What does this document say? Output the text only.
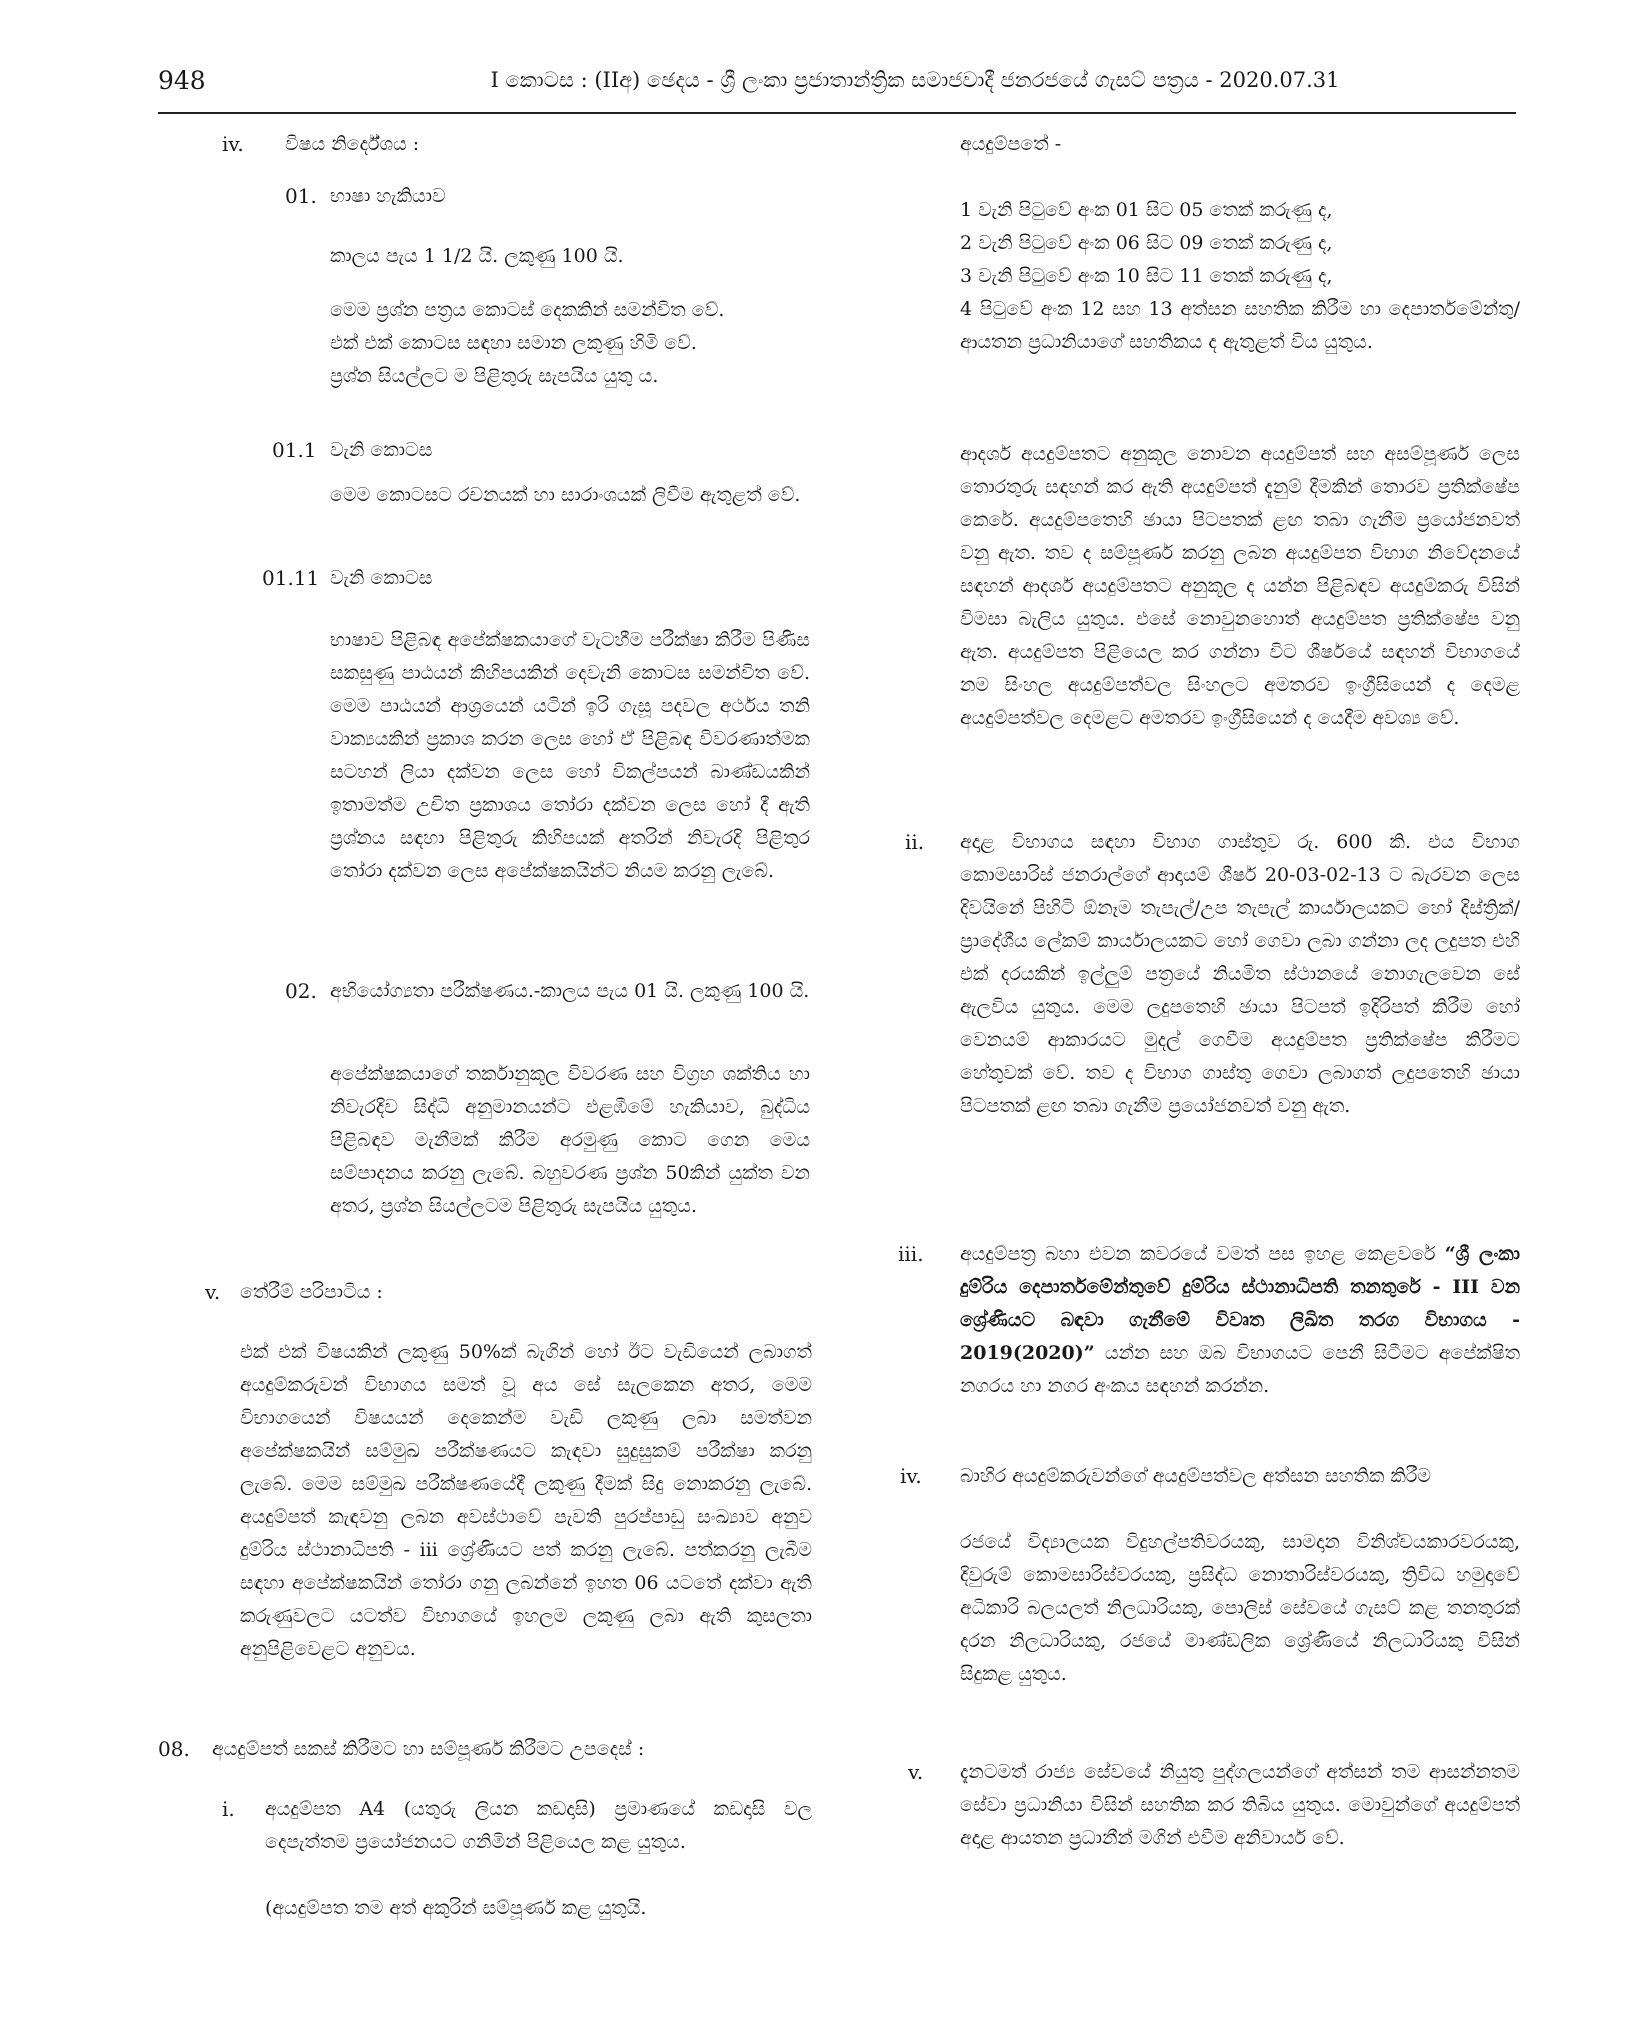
948	I කොටස : (IIඅ) ඡෙදය - ශ්‍රී ලංකා ප්‍රජාතාන්ත්‍රික සමාජවාදී ජනරජයේ ගැසට් පත්‍රය - 2020.07.31
iv. විෂය නිර්දේශය :
01. භාෂා හැකියාව
කාලය පැය 1 1/2 යි. ලකුණු 100 යි.

මෙම ප්‍රශ්න පත්‍රය කොටස් දෙකකින් සමන්විත වේ.

එක් එක් කොටස සඳහා සමාන ලකුණු හිමි වේ.

ප්‍රශ්න සියල්ලට ම පිළිතුරු සැපයිය යුතු ය.

01.1 වැනි කොටස
මෙම කොටසට රචනයක් හා සාරාංශයක් ලිවීම ඇතුළත් වේ.
01.11 වැනි කොටස
භාෂාව පිළිබඳ අපේක්ෂකයාගේ වැටහීම පරීක්ෂා කිරීම පිණිස සකසුණු පාඨයන් කිහිපයකින් දෙවැනි කොටස සමන්විත වේ. මෙම පාඨයන් ආශ්‍රයෙන් යටින් ඉරි ගැසූ පදවල අර්ථය තනි වාක්‍යයකින් ප්‍රකාශ කරන ලෙස හෝ ඒ පිළිබඳ විවරණාත්මක සටහන් ලියා දක්වන ලෙස හෝ විකල්පයන් බාණ්ඩයකින් ඉතාමත්ම උචිත ප්‍රකාශය තෝරා දක්වන ලෙස හෝ දී ඇති ප්‍රශ්නය සඳහා පිළිතුරු කිහිපයක් අතරින් නිවැරදි පිළිතුර තෝරා දක්වන ලෙස අපේක්ෂකයින්ට නියම කරනු ලැබේ.
02. අභියෝග්‍යතා පරීක්ෂණය.-කාලය පැය 01 යි. ලකුණු 100 යි.
අපේක්ෂකයාගේ තර්කානුකූල විවරණ සහ විග්‍රහ ශක්තිය හා නිවැරදිව සිද්ධි අනුමානයන්ට එළඹීමේ හැකියාව, බුද්ධිය පිළිබඳව මැනීමක් කිරීම අරමුණු කොට ගෙන මෙය සම්පාදනය කරනු ලැබේ. බහුවරණ ප්‍රශ්න 50කින් යුක්ත වන අතර, ප්‍රශ්න සියල්ලටම පිළිතුරු සැපයිය යුතුය.
v. තේරීම් පරිපාටිය :
එක් එක් විෂයකින් ලකුණු 50%ක් බැගින් හෝ ඊට වැඩියෙන් ලබාගත් අයදුම්කරුවන් විභාගය සමත් වූ අය සේ සැලකෙන අතර, මෙම විභාගයෙන් විෂයයන් දෙකෙන්ම වැඩි ලකුණු ලබා සමත්වන අපේක්ෂකයින් සම්මුඛ පරීක්ෂණයට කැඳවා සුදුසුකම් පරීක්ෂා කරනු ලැබේ. මෙම සම්මුඛ පරීක්ෂණයේදී ලකුණු දීමක් සිදු නොකරනු ලැබේ. අයදුම්පත් කැඳවනු ලබන අවස්ථාවේ පැවති පුරප්පාඩු සංඛ්‍යාව අනුව දුම්රිය ස්ථානාධිපති - iii ශ්‍රේණියට පත් කරනු ලැබේ. පත්කරනු ලැබීම සඳහා අපේක්ෂකයින් තෝරා ගනු ලබන්නේ ඉහත 06 යටතේ දක්වා ඇති කරුණුවලට යටත්ව විභාගයේ ඉහලම ලකුණු ලබා ඇති කුසලතා අනුපිළිවෙළට අනුවය.
08. අයදුම්පත් සකස් කිරීමට හා සම්පූර්ණ කිරීමට උපදෙස් :
i. අයදුම්පත A4 (යතුරු ලියන කඩදාසි) ප්‍රමාණයේ කඩදාසි වල දෙපැත්තම ප්‍රයෝජනයට ගනිමින් පිළියෙල කළ යුතුය.
(අයදුම්පත තම අත් අකුරින් සම්පූර්ණ කළ යුතුයි.
අයදුම්පතේ -

1 වැනි පිටුවේ අංක 01 සිට 05 තෙක් කරුණු ද,

2 වැනි පිටුවේ අංක 06 සිට 09 තෙක් කරුණු ද,

3 වැනි පිටුවේ අංක 10 සිට 11 තෙක් කරුණු ද,

4 පිටුවේ අංක 12 සහ 13 අත්සන සහතික කිරීම හා දෙපාර්තමේන්තු/ආයතන ප්‍රධානියාගේ සහතිකය ද ඇතුළත් විය යුතුය.

ආදර්ශ අයදුම්පතට අනුකූල නොවන අයදුම්පත් සහ අසම්පූර්ණ ලෙස තොරතුරු සඳහන් කර ඇති අයදුම්පත් දැනුම් දීමකින් තොරව ප්‍රතික්ෂේප කෙරේ. අයදුම්පතෙහි ඡායා පිටපතක් ළඟ තබා ගැනීම ප්‍රයෝජනවත් වනු ඇත. තව ද සම්පූර්ණ කරනු ලබන අයදුම්පත විභාග නිවේදනයේ සඳහන් ආදර්ශ අයදුම්පතට අනුකූල ද යන්න පිළිබඳව අයදුම්කරු විසින් විමසා බැලිය යුතුය. එසේ නොවුනහොත් අයදුම්පත ප්‍රතික්ෂේප වනු ඇත. අයදුම්පත පිළියෙල කර ගන්නා විට ශීර්ෂයේ සඳහන් විභාගයේ නම සිංහල අයදුම්පත්වල සිංහලට අමතරව ඉංග්‍රීසියෙන් ද දෙමළ අයදුම්පත්වල දෙමළට අමතරව ඉංග්‍රීසියෙන් ද යෙදීම අවශ්‍ය වේ.
ii. අදාළ විභාගය සඳහා විභාග ගාස්තුව රු. 600 කි. එය විභාග කොමසාරිස් ජනරාල්ගේ ආදායම් ශීර්ෂ 20-03-02-13 ට බැරවන ලෙස දිවයිනේ පිහිටි ඕනෑම තැපැල්/උප තැපැල් කාර්යාලයකට හෝ දිස්ත්‍රික්/ප්‍රාදේශීය ලේකම් කාර්යාලයකට හෝ ගෙවා ලබා ගන්නා ලද ලදුපත එහි එක් දරයකින් ඉල්ලුම් පත්‍රයේ නියමිත ස්ථානයේ නොගැලවෙන සේ ඇලවිය යුතුය. මෙම ලදුපතෙහි ඡායා පිටපත් ඉදිරිපත් කිරීම හෝ වෙනයම් ආකාරයට මුදල් ගෙවීම අයදුම්පත ප්‍රතික්ෂේප කිරීමට හේතුවක් වේ. තව ද විභාග ගාස්තු ගෙවා ලබාගත් ලදුපතෙහි ඡායා පිටපතක් ළඟ තබා ගැනීම ප්‍රයෝජනවත් වනු ඇත.
iii. අයදුම්පත්‍ර බහා එවන කවරයේ වමත් පස ඉහළ කෙළවරේ “ශ්‍රී ලංකා දුම්රිය දෙපාර්තමේන්තුවේ දුම්රිය ස්ථානාධිපති තනතුරේ - III වන ශ්‍රේණියට බඳවා ගැනීමේ විවෘත ලිඛිත තරග විභාගය - 2019(2020)” යන්න සහ ඔබ විභාගයට පෙනී සිටීමට අපේක්ෂිත නගරය හා නගර අංකය සඳහන් කරන්න.
iv. බාහිර අයදුම්කරුවන්ගේ අයදුම්පත්වල අත්සන සහතික කිරීම
රජයේ විද්‍යාලයක විදුහල්පතිවරයකු, සාමදාන විනිශ්චයකාරවරයකු, දිවුරුම් කොමසාරිස්වරයකු, ප්‍රසිද්ධ නොතාරිස්වරයකු, ත්‍රිවිධ හමුදාවේ අධිකාරි බලයලත් නිලධාරියකු, පොලිස් සේවයේ ගැසට් කළ තනතුරක් දරන නිලධාරියකු, රජයේ මාණ්ඩලික ශ්‍රේණියේ නිලධාරියකු විසින් සිදුකළ යුතුය.
v. දැනටමත් රාජ්‍ය සේවයේ නියුතු පුද්ගලයන්ගේ අත්සන් තම ආසන්නතම සේවා ප්‍රධානියා විසින් සහතික කර තිබිය යුතුය. මොවුන්ගේ අයදුම්පත් අදාළ ආයතන ප්‍රධානීන් මගින් එවීම අනිවාර්ය වේ.
